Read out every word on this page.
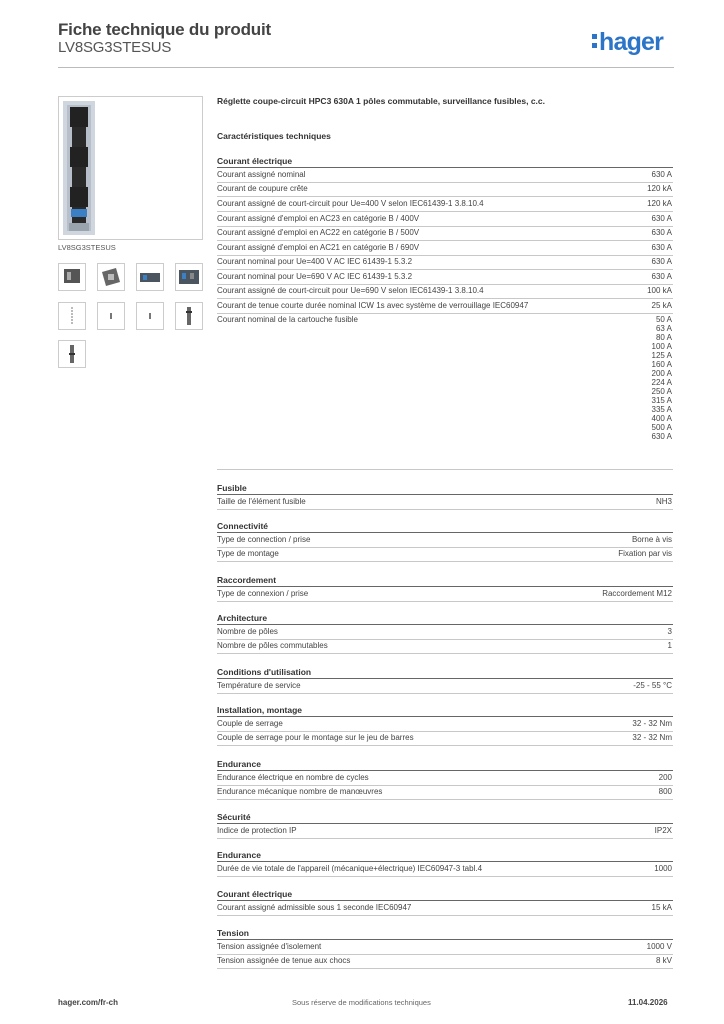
Fiche technique du produit
LV8SG3STESUS	hager
LV8SG3STESUS
Réglette coupe-circuit HPC3 630A 1 pôles commutable, surveillance fusibles, c.c.
Caractéristiques techniques
Courant électrique
Courant assigné nominal	630 A
Courant de coupure crête	120 kA
Courant assigné de court-circuit pour Ue=400 V selon IEC61439-1 3.8.10.4	120 kA
Courant assigné d'emploi en AC23 en catégorie B / 400V	630 A
Courant assigné d'emploi en AC22 en catégorie B / 500V	630 A
Courant assigné d'emploi en AC21 en catégorie B / 690V	630 A
Courant nominal pour Ue=400 V AC IEC 61439-1 5.3.2	630 A
Courant nominal pour Ue=690 V AC IEC 61439-1 5.3.2	630 A
Courant assigné de court-circuit pour Ue=690 V selon IEC61439-1 3.8.10.4	100 kA
Courant de tenue courte durée nominal ICW 1s avec système de verrouillage IEC60947	25 kA
Courant nominal de la cartouche fusible	50 A
63 A
80 A
100 A
125 A
160 A
200 A
224 A
250 A
315 A
335 A
400 A
500 A
630 A
Fusible
Taille de l'élément fusible	NH3
Connectivité
Type de connection / prise	Borne à vis
Type de montage	Fixation par vis
Raccordement
Type de connexion / prise	Raccordement M12
Architecture
Nombre de pôles	3
Nombre de pôles commutables	1
Conditions d'utilisation
Température de service	-25 - 55 °C
Installation, montage
Couple de serrage	32 - 32 Nm
Couple de serrage pour le montage sur le jeu de barres	32 - 32 Nm
Endurance
Endurance électrique en nombre de cycles	200
Endurance mécanique nombre de manœuvres	800
Sécurité
Indice de protection IP	IP2X
Endurance
Durée de vie totale de l'appareil (mécanique+électrique) IEC60947-3 tabl.4	1000
Courant électrique
Courant assigné admissible sous 1 seconde IEC60947	15 kA
Tension
Tension assignée d'isolement	1000 V
Tension assignée de tenue aux chocs	8 kV
hager.com/fr-ch	Sous réserve de modifications techniques	11.04.2026
